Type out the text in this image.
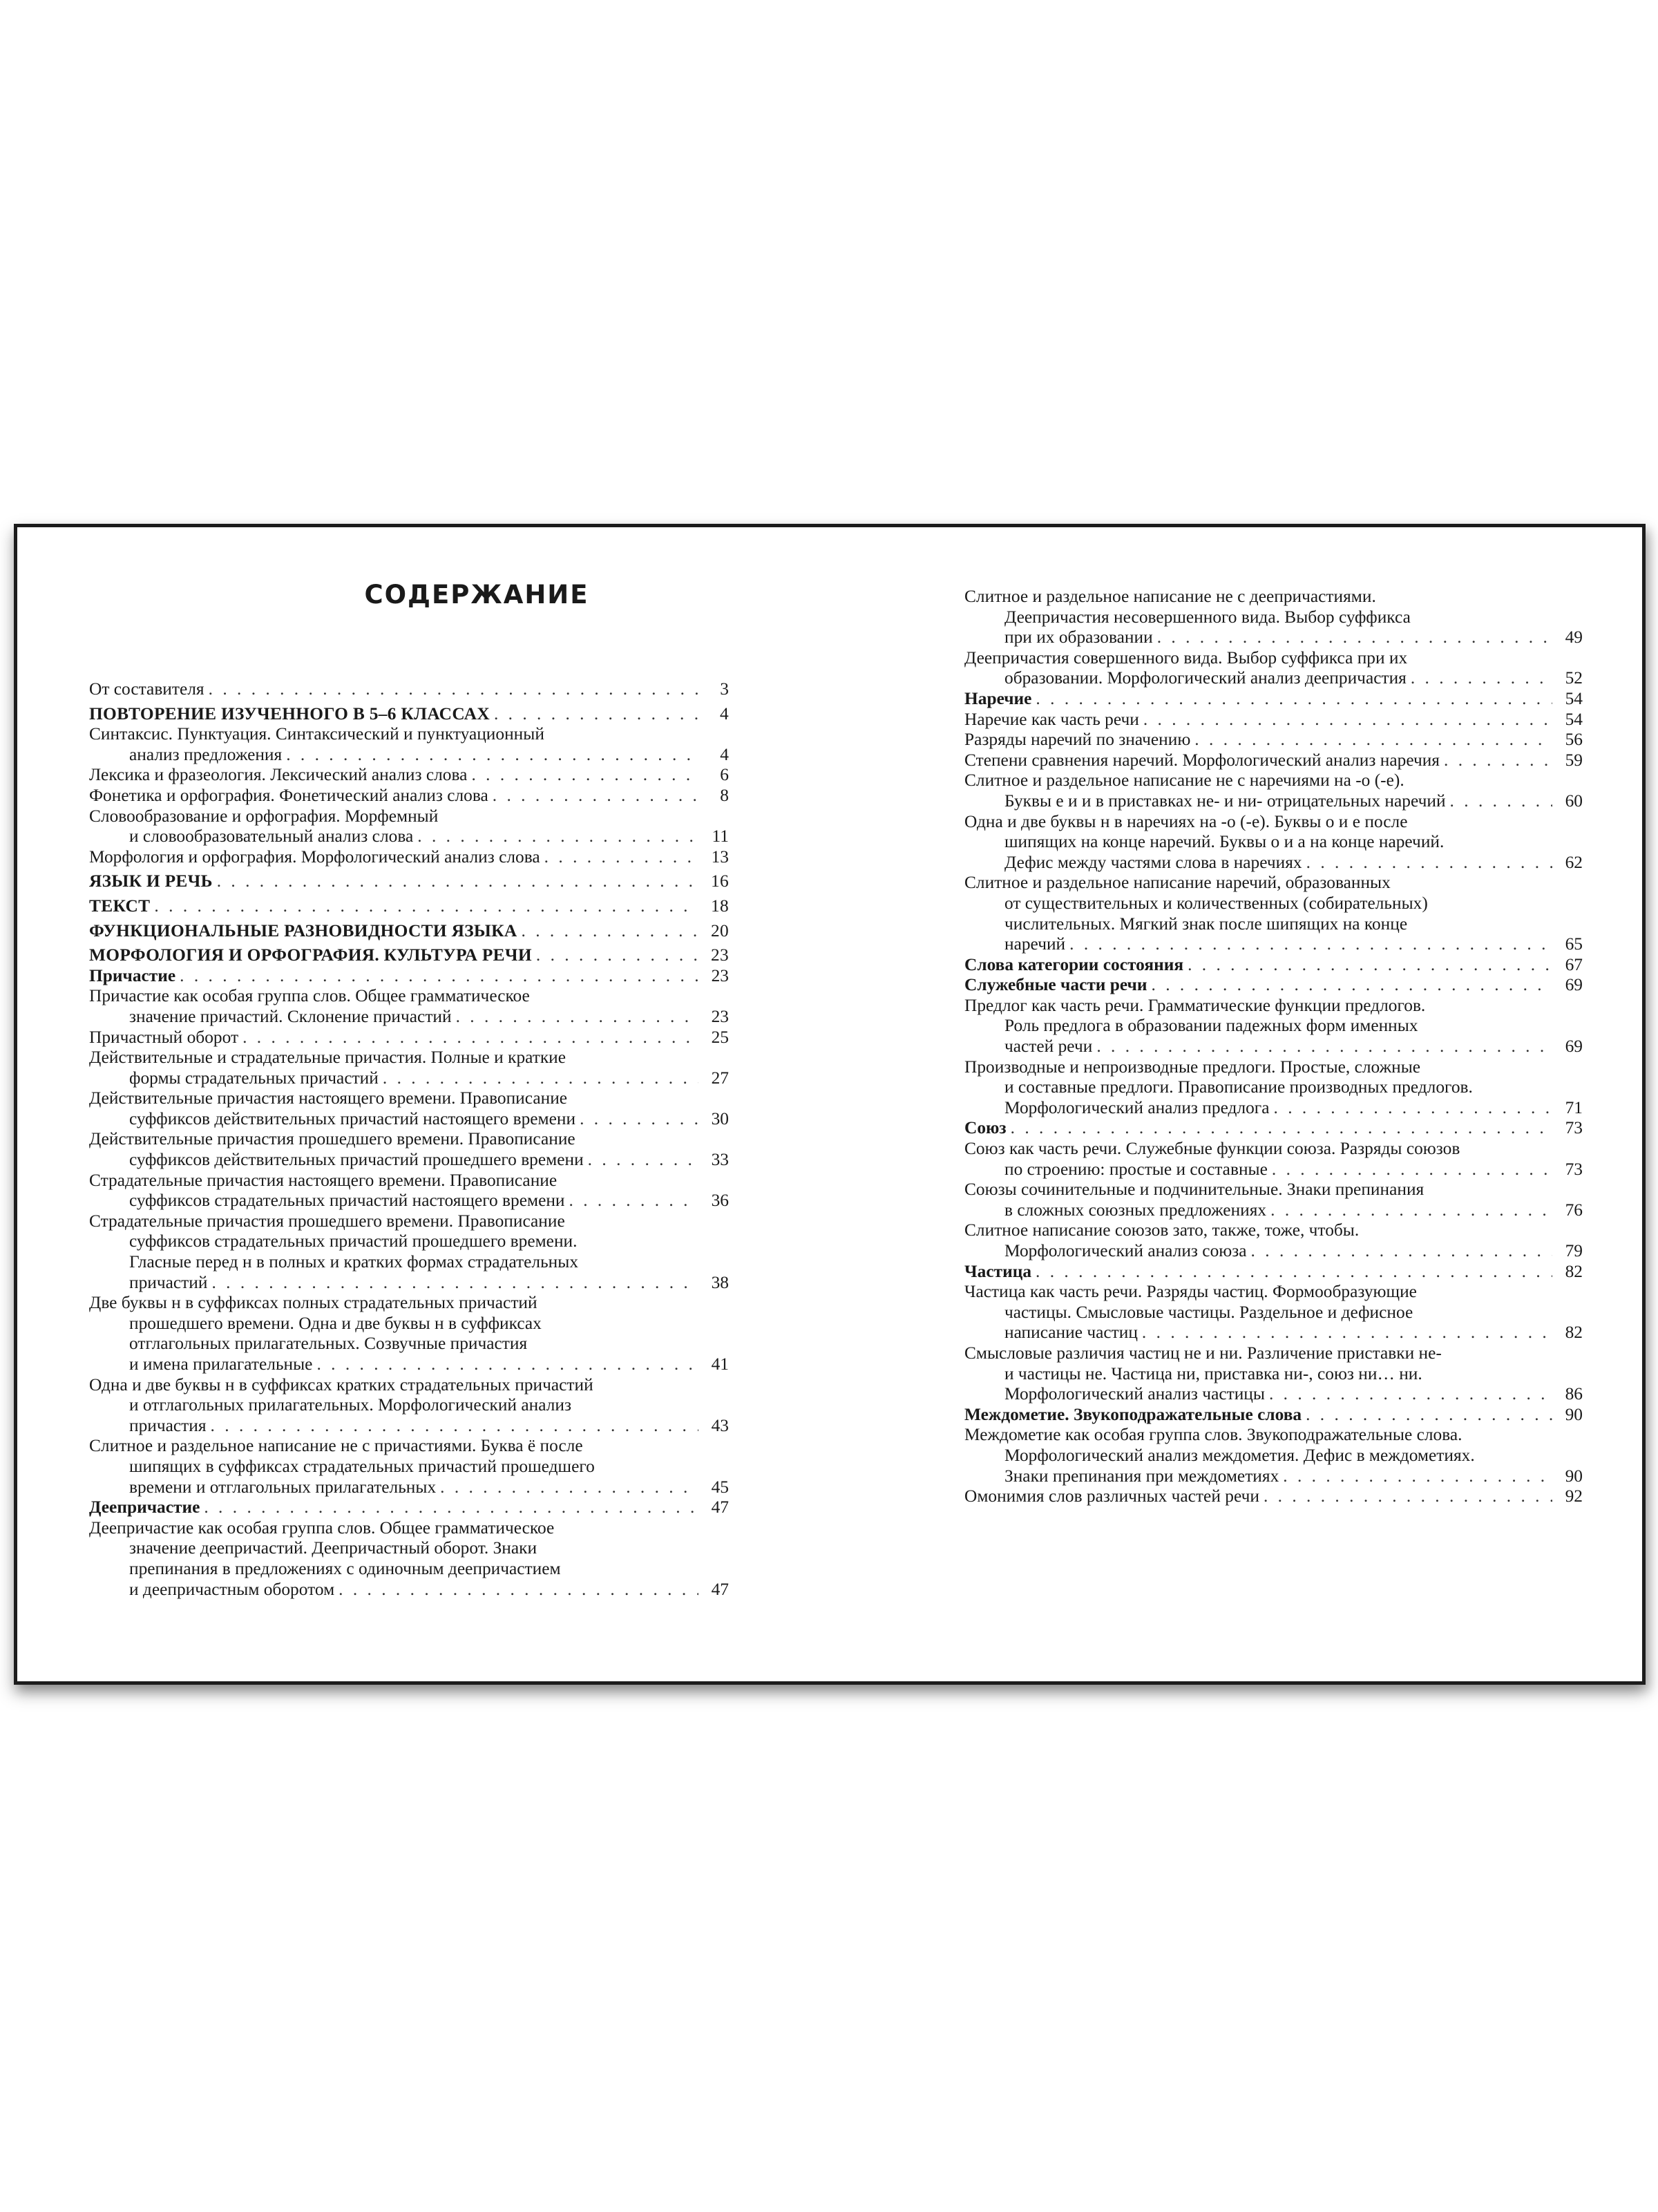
СОДЕРЖАНИЕ
От составителя . . .	3
ПОВТОРЕНИЕ ИЗУЧЕННОГО В 5–6 КЛАССАХ . . .	4
Синтаксис. Пунктуация. Синтаксический и пунктуационный
анализ предложения . . .	4
Лексика и фразеология. Лексический анализ слова . . .	6
Фонетика и орфография. Фонетический анализ слова . . .	8
Словообразование и орфография. Морфемный
и словообразовательный анализ слова . . .	11
Морфология и орфография. Морфологический анализ слова . . .	13
ЯЗЫК И РЕЧЬ . . .	16
ТЕКСТ . . .	18
ФУНКЦИОНАЛЬНЫЕ РАЗНОВИДНОСТИ ЯЗЫКА . . .	20
МОРФОЛОГИЯ И ОРФОГРАФИЯ. КУЛЬТУРА РЕЧИ . . .	23
Причастие . . .	23
Причастие как особая группа слов. Общее грамматическое
значение причастий. Склонение причастий . . .	23
Причастный оборот . . .	25
Действительные и страдательные причастия. Полные и краткие
формы страдательных причастий . . .	27
Действительные причастия настоящего времени. Правописание
суффиксов действительных причастий настоящего времени . . .	30
Действительные причастия прошедшего времени. Правописание
суффиксов действительных причастий прошедшего времени . . .	33
Страдательные причастия настоящего времени. Правописание
суффиксов страдательных причастий настоящего времени . . .	36
Страдательные причастия прошедшего времени. Правописание
суффиксов страдательных причастий прошедшего времени.
Гласные перед н в полных и кратких формах страдательных
причастий . . .	38
Две буквы н в суффиксах полных страдательных причастий
прошедшего времени. Одна и две буквы н в суффиксах
отглагольных прилагательных. Созвучные причастия
и имена прилагательные . . .	41
Одна и две буквы н в суффиксах кратких страдательных причастий
и отглагольных прилагательных. Морфологический анализ
причастия . . .	43
Слитное и раздельное написание не с причастиями. Буква ё после
шипящих в суффиксах страдательных причастий прошедшего
времени и отглагольных прилагательных . . .	45
Деепричастие . . .	47
Деепричастие как особая группа слов. Общее грамматическое
значение деепричастий. Деепричастный оборот. Знаки
препинания в предложениях с одиночным деепричастием
и деепричастным оборотом . . .	47
Слитное и раздельное написание не с деепричастиями.
Деепричастия несовершенного вида. Выбор суффикса
при их образовании . . .	49
Деепричастия совершенного вида. Выбор суффикса при их
образовании. Морфологический анализ деепричастия . . .	52
Наречие . . .	54
Наречие как часть речи . . .	54
Разряды наречий по значению . . .	56
Степени сравнения наречий. Морфологический анализ наречия . . .	59
Слитное и раздельное написание не с наречиями на -о (-е).
Буквы е и и в приставках не- и ни- отрицательных наречий . . .	60
Одна и две буквы н в наречиях на -о (-е). Буквы о и е после
шипящих на конце наречий. Буквы о и а на конце наречий.
Дефис между частями слова в наречиях . . .	62
Слитное и раздельное написание наречий, образованных
от существительных и количественных (собирательных)
числительных. Мягкий знак после шипящих на конце
наречий . . .	65
Слова категории состояния . . .	67
Служебные части речи . . .	69
Предлог как часть речи. Грамматические функции предлогов.
Роль предлога в образовании падежных форм именных
частей речи . . .	69
Производные и непроизводные предлоги. Простые, сложные
и составные предлоги. Правописание производных предлогов.
Морфологический анализ предлога . . .	71
Союз . . .	73
Союз как часть речи. Служебные функции союза. Разряды союзов
по строению: простые и составные . . .	73
Союзы сочинительные и подчинительные. Знаки препинания
в сложных союзных предложениях . . .	76
Слитное написание союзов зато, также, тоже, чтобы.
Морфологический анализ союза . . .	79
Частица . . .	82
Частица как часть речи. Разряды частиц. Формообразующие
частицы. Смысловые частицы. Раздельное и дефисное
написание частиц . . .	82
Смысловые различия частиц не и ни. Различение приставки не-
и частицы не. Частица ни, приставка ни-, союз ни… ни.
Морфологический анализ частицы . . .	86
Междометие. Звукоподражательные слова . . .	90
Междометие как особая группа слов. Звукоподражательные слова.
Морфологический анализ междометия. Дефис в междометиях.
Знаки препинания при междометиях . . .	90
Омонимия слов различных частей речи . . .	92
